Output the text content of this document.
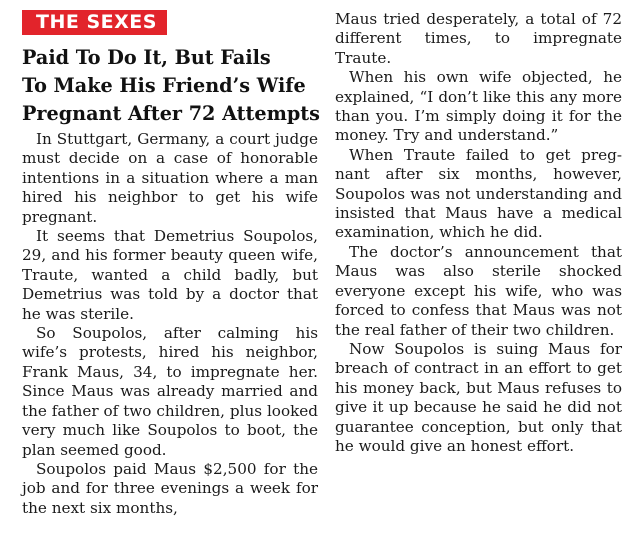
THE SEXES
Paid To Do It, But Fails
To Make His Friend’s Wife
Pregnant After 72 Attempts

In Stuttgart, Germany, a court judge must decide on a case of honorable intentions in a situation where a man hired his neighbor to get his wife pregnant.

It seems that Demetrius Soupolos, 29, and his former beauty queen wife, Traute, wanted a child badly, but Demetrius was told by a doctor that he was sterile.

So Soupolos, after calming his wife’s protests, hired his neighbor, Frank Maus, 34, to impregnate her. Since Maus was already married and the father of two children, plus looked very much like Soupolos to boot, the plan seemed good.

Soupolos paid Maus $2,500 for the job and for three evenings a week for the next six months,

Maus tried desperately, a total of 72 different times, to impregnate Traute.

When his own wife objected, he explained, “I don’t like this any more than you. I’m simply doing it for the money. Try and understand.”

When Traute failed to get pregnant after six months, however, Soupolos was not understanding and insisted that Maus have a medical examination, which he did.

The doctor’s announcement that Maus was also sterile shocked everyone except his wife, who was forced to confess that Maus was not the real father of their two children.

Now Soupolos is suing Maus for breach of contract in an effort to get his money back, but Maus refuses to give it up because he said he did not guarantee conception, but only that he would give an honest effort.
